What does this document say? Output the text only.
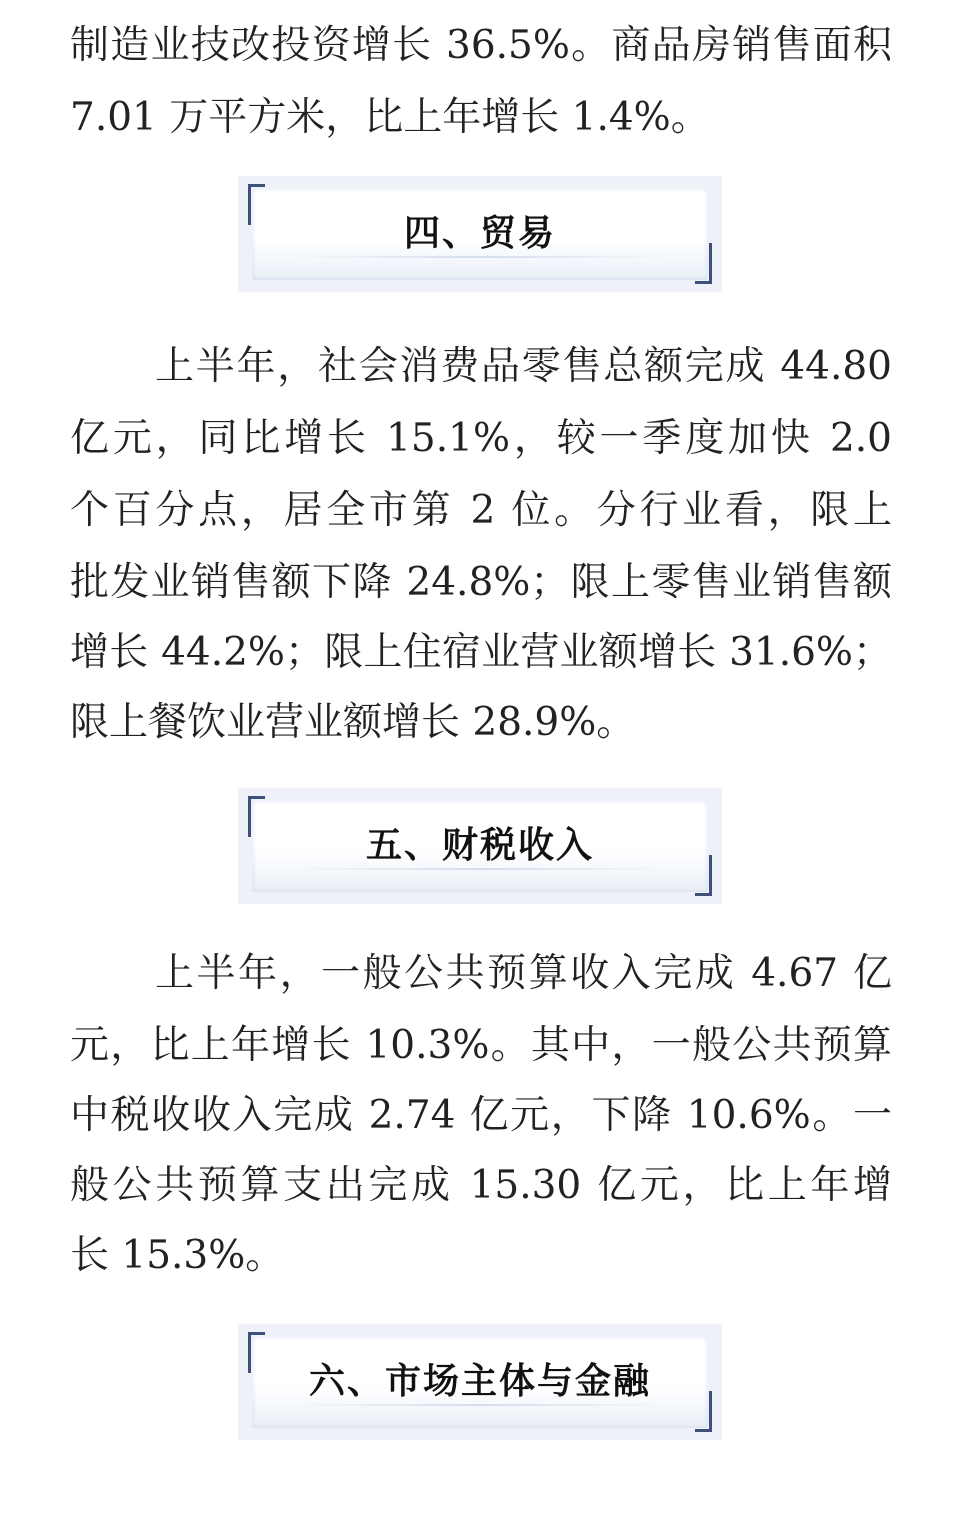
制造业技改投资增长 36.5%。商品房销售面积
7.01 万平方米，比上年增长 1.4%。
四、贸易
上半年，社会消费品零售总额完成 44.80
亿元，同比增长 15.1%，较一季度加快 2.0
个百分点，居全市第 2 位。分行业看，限上
批发业销售额下降 24.8%；限上零售业销售额
增长 44.2%；限上住宿业营业额增长 31.6%；
限上餐饮业营业额增长 28.9%。
五、财税收入
上半年，一般公共预算收入完成 4.67 亿
元，比上年增长 10.3%。其中，一般公共预算
中税收收入完成 2.74 亿元，下降 10.6%。一
般公共预算支出完成 15.30 亿元，比上年增
长 15.3%。
六、市场主体与金融
